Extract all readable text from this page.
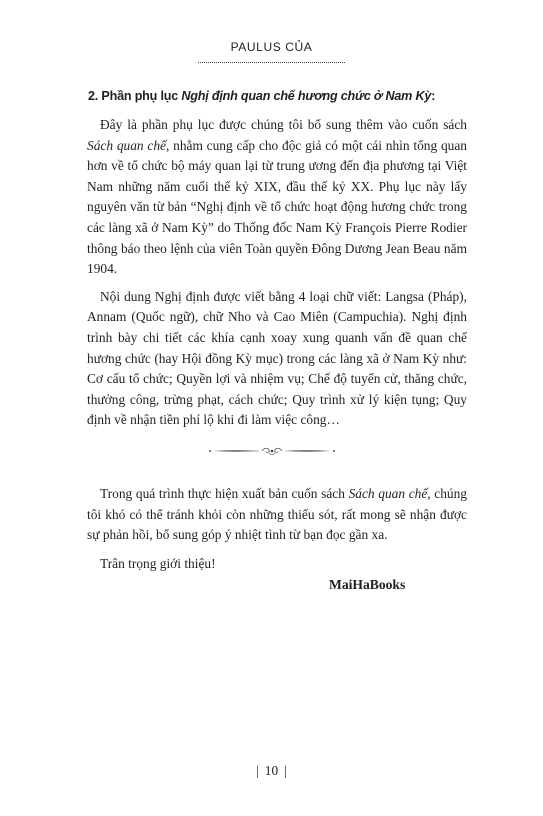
PAULUS CỦA
2. Phần phụ lục Nghị định quan chế hương chức ở Nam Kỳ:

Đây là phần phụ lục được chúng tôi bổ sung thêm vào cuốn sách Sách quan chế, nhằm cung cấp cho độc giả có một cái nhìn tổng quan hơn về tổ chức bộ máy quan lại từ trung ương đến địa phương tại Việt Nam những năm cuối thế kỷ XIX, đầu thế kỷ XX. Phụ lục này lấy nguyên văn từ bản “Nghị định về tổ chức hoạt động hương chức trong các làng xã ở Nam Kỳ” do Thống đốc Nam Kỳ François Pierre Rodier thông báo theo lệnh của viên Toàn quyền Đông Dương Jean Beau năm 1904.

Nội dung Nghị định được viết bằng 4 loại chữ viết: Langsa (Pháp), Annam (Quốc ngữ), chữ Nho và Cao Miên (Campuchia). Nghị định trình bày chi tiết các khía cạnh xoay xung quanh vấn đề quan chế hương chức (hay Hội đồng Kỳ mục) trong các làng xã ở Nam Kỳ như: Cơ cấu tổ chức; Quyền lợi và nhiệm vụ; Chế độ tuyển cử, thăng chức, thưởng công, trừng phạt, cách chức; Quy trình xử lý kiện tụng; Quy định về nhận tiền phí lộ khi đi làm việc công…

Trong quá trình thực hiện xuất bản cuốn sách Sách quan chế, chúng tôi khó có thể tránh khỏi còn những thiếu sót, rất mong sẽ nhận được sự phản hồi, bổ sung góp ý nhiệt tình từ bạn đọc gần xa.

Trân trọng giới thiệu!

MaiHaBooks
| 10 |
